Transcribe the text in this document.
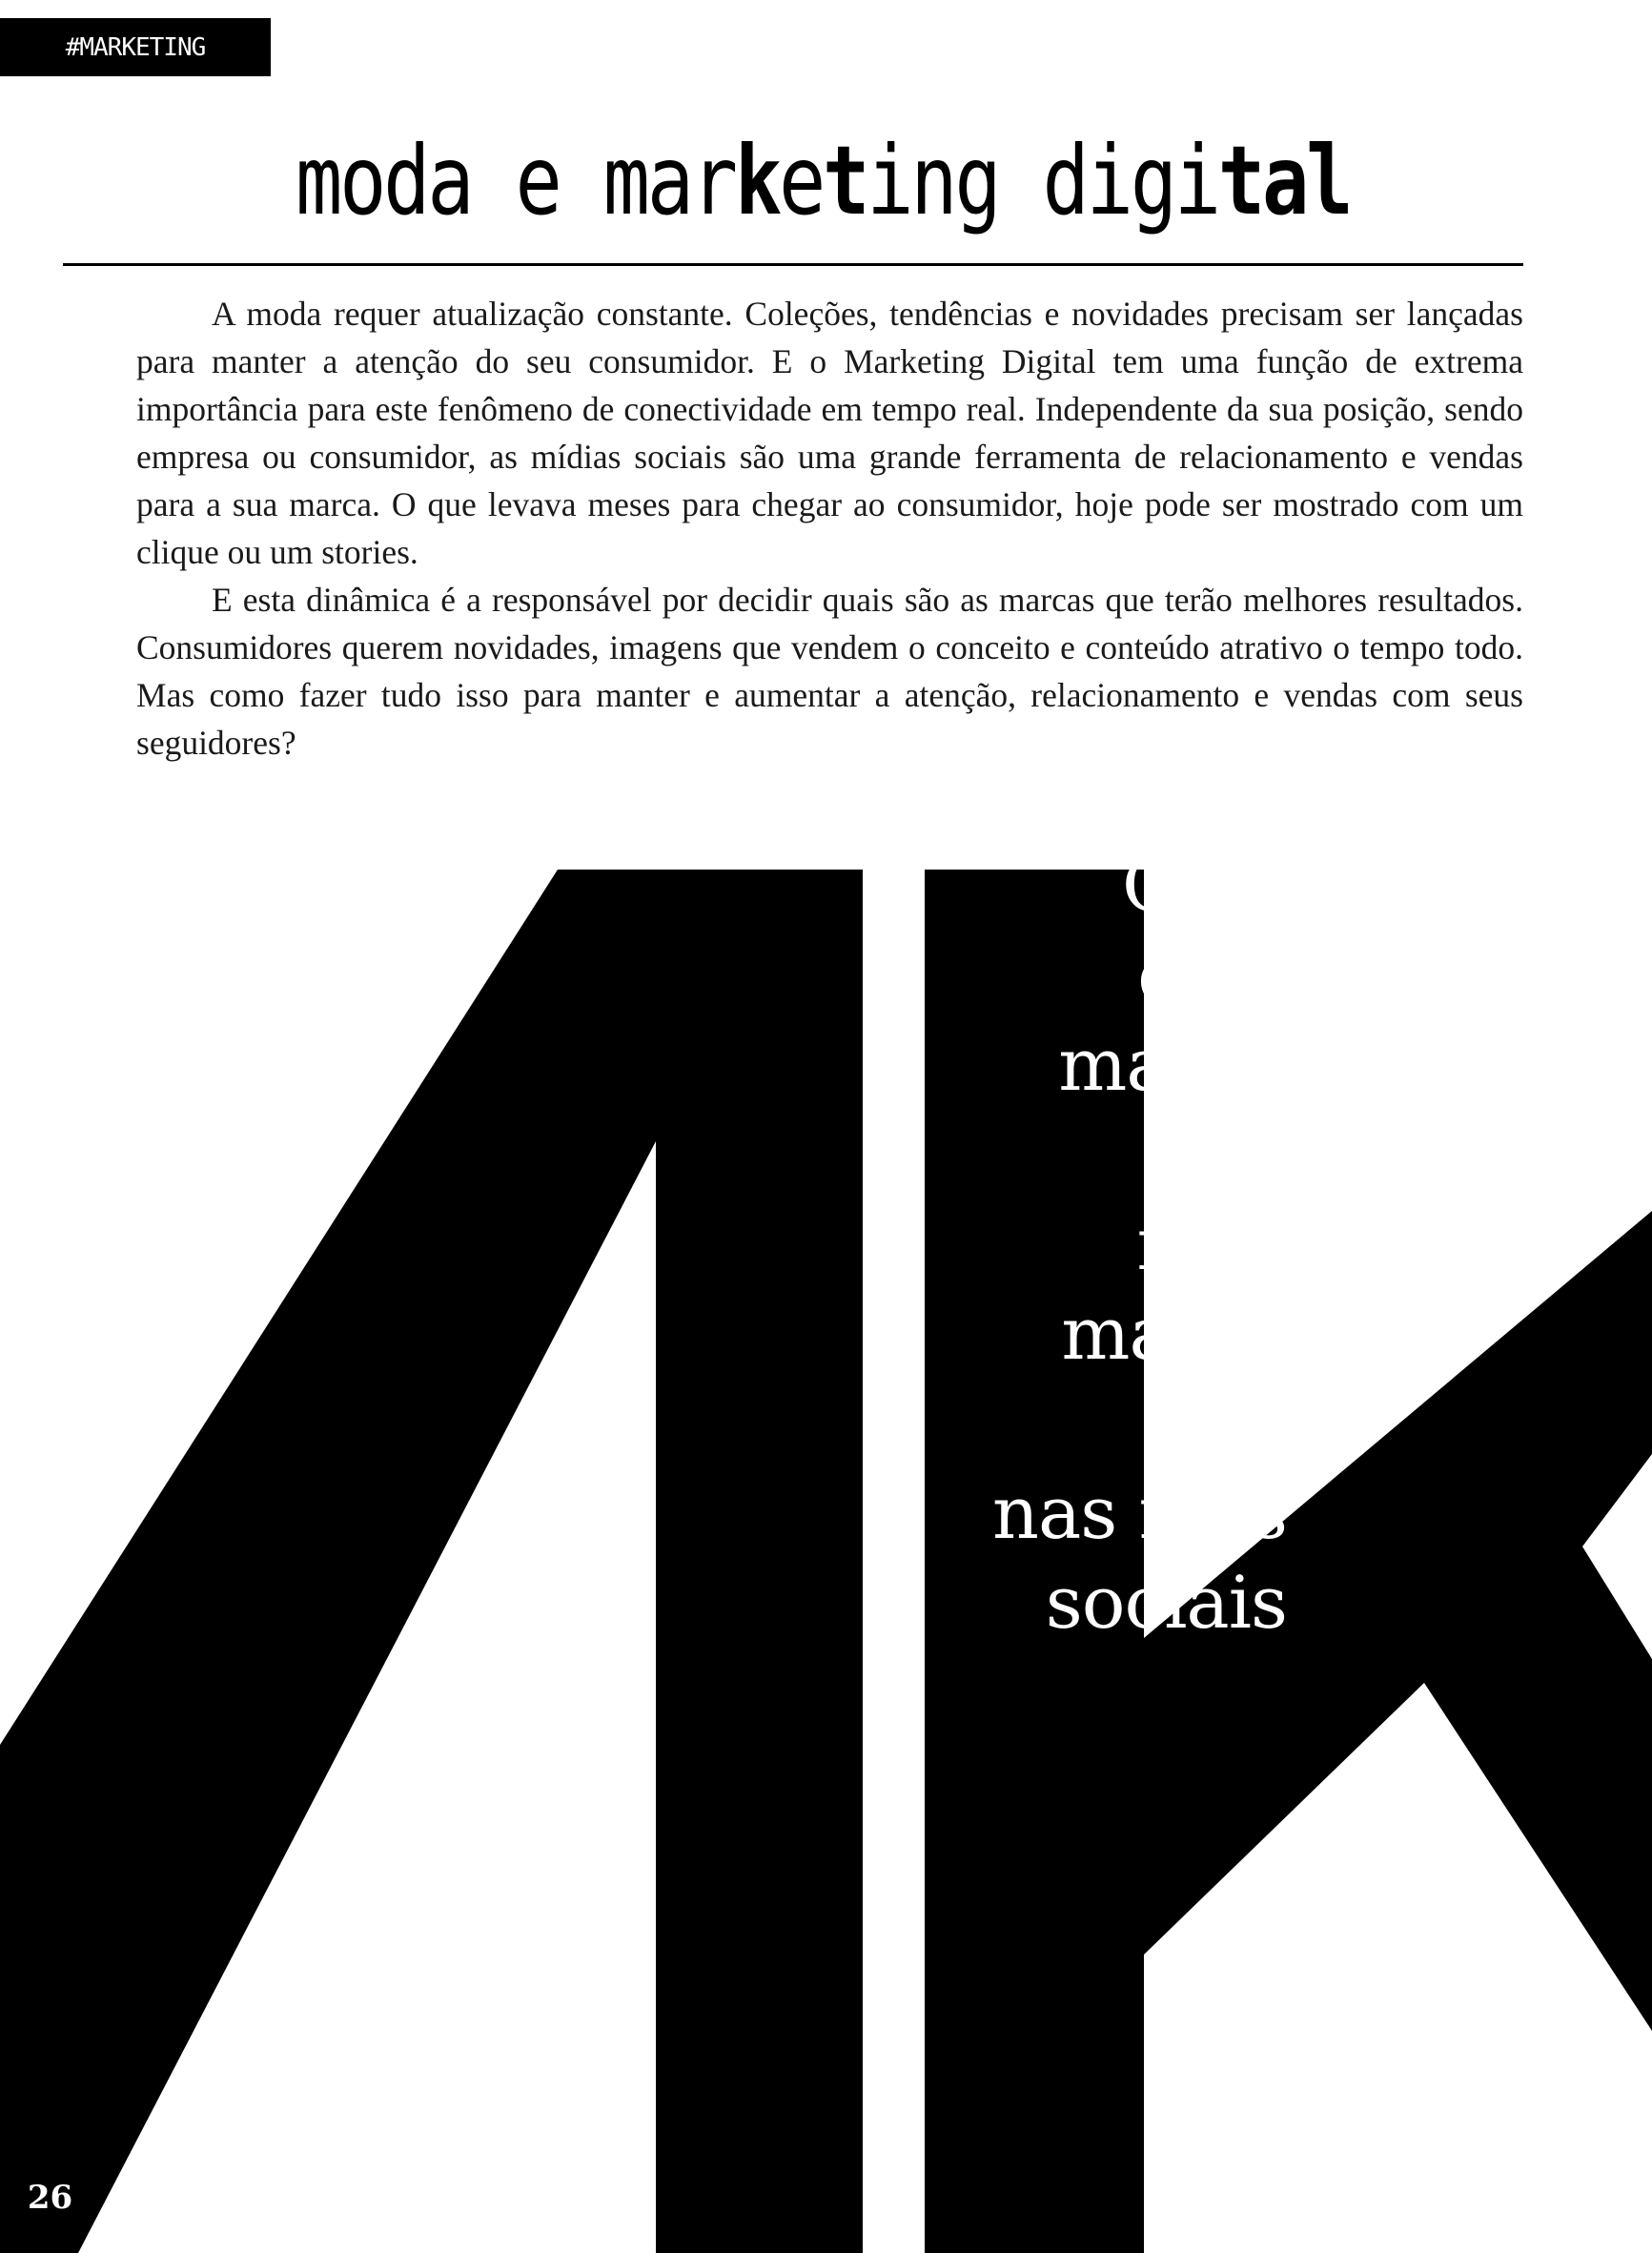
#MARKETING
moda e marketing digital

A moda requer atualização constante. Coleções, tendências e novidades precisam ser lançadas para manter a atenção do seu consumidor. E o Marketing Digital tem uma função de extrema importância para este fenômeno de conectividade em tempo real. Independente da sua posição, sendo empresa ou consumidor, as mídias sociais são uma grande ferramenta de relacionamento e vendas para a sua marca. O que levava meses para chegar ao consumidor, hoje pode ser mostrado com um clique ou um stories.

E esta dinâmica é a responsável por decidir quais são as marcas que terão melhores resultados. Consumidores querem novidades, imagens que vendem o conceito e conteúdo atrativo o tempo todo. Mas como fazer tudo isso para manter e aumentar a atenção, relacionamento e vendas com seus seguidores?

Com
dica
marke
digi
faça
marca
suc
nas mí s
sociais
26
